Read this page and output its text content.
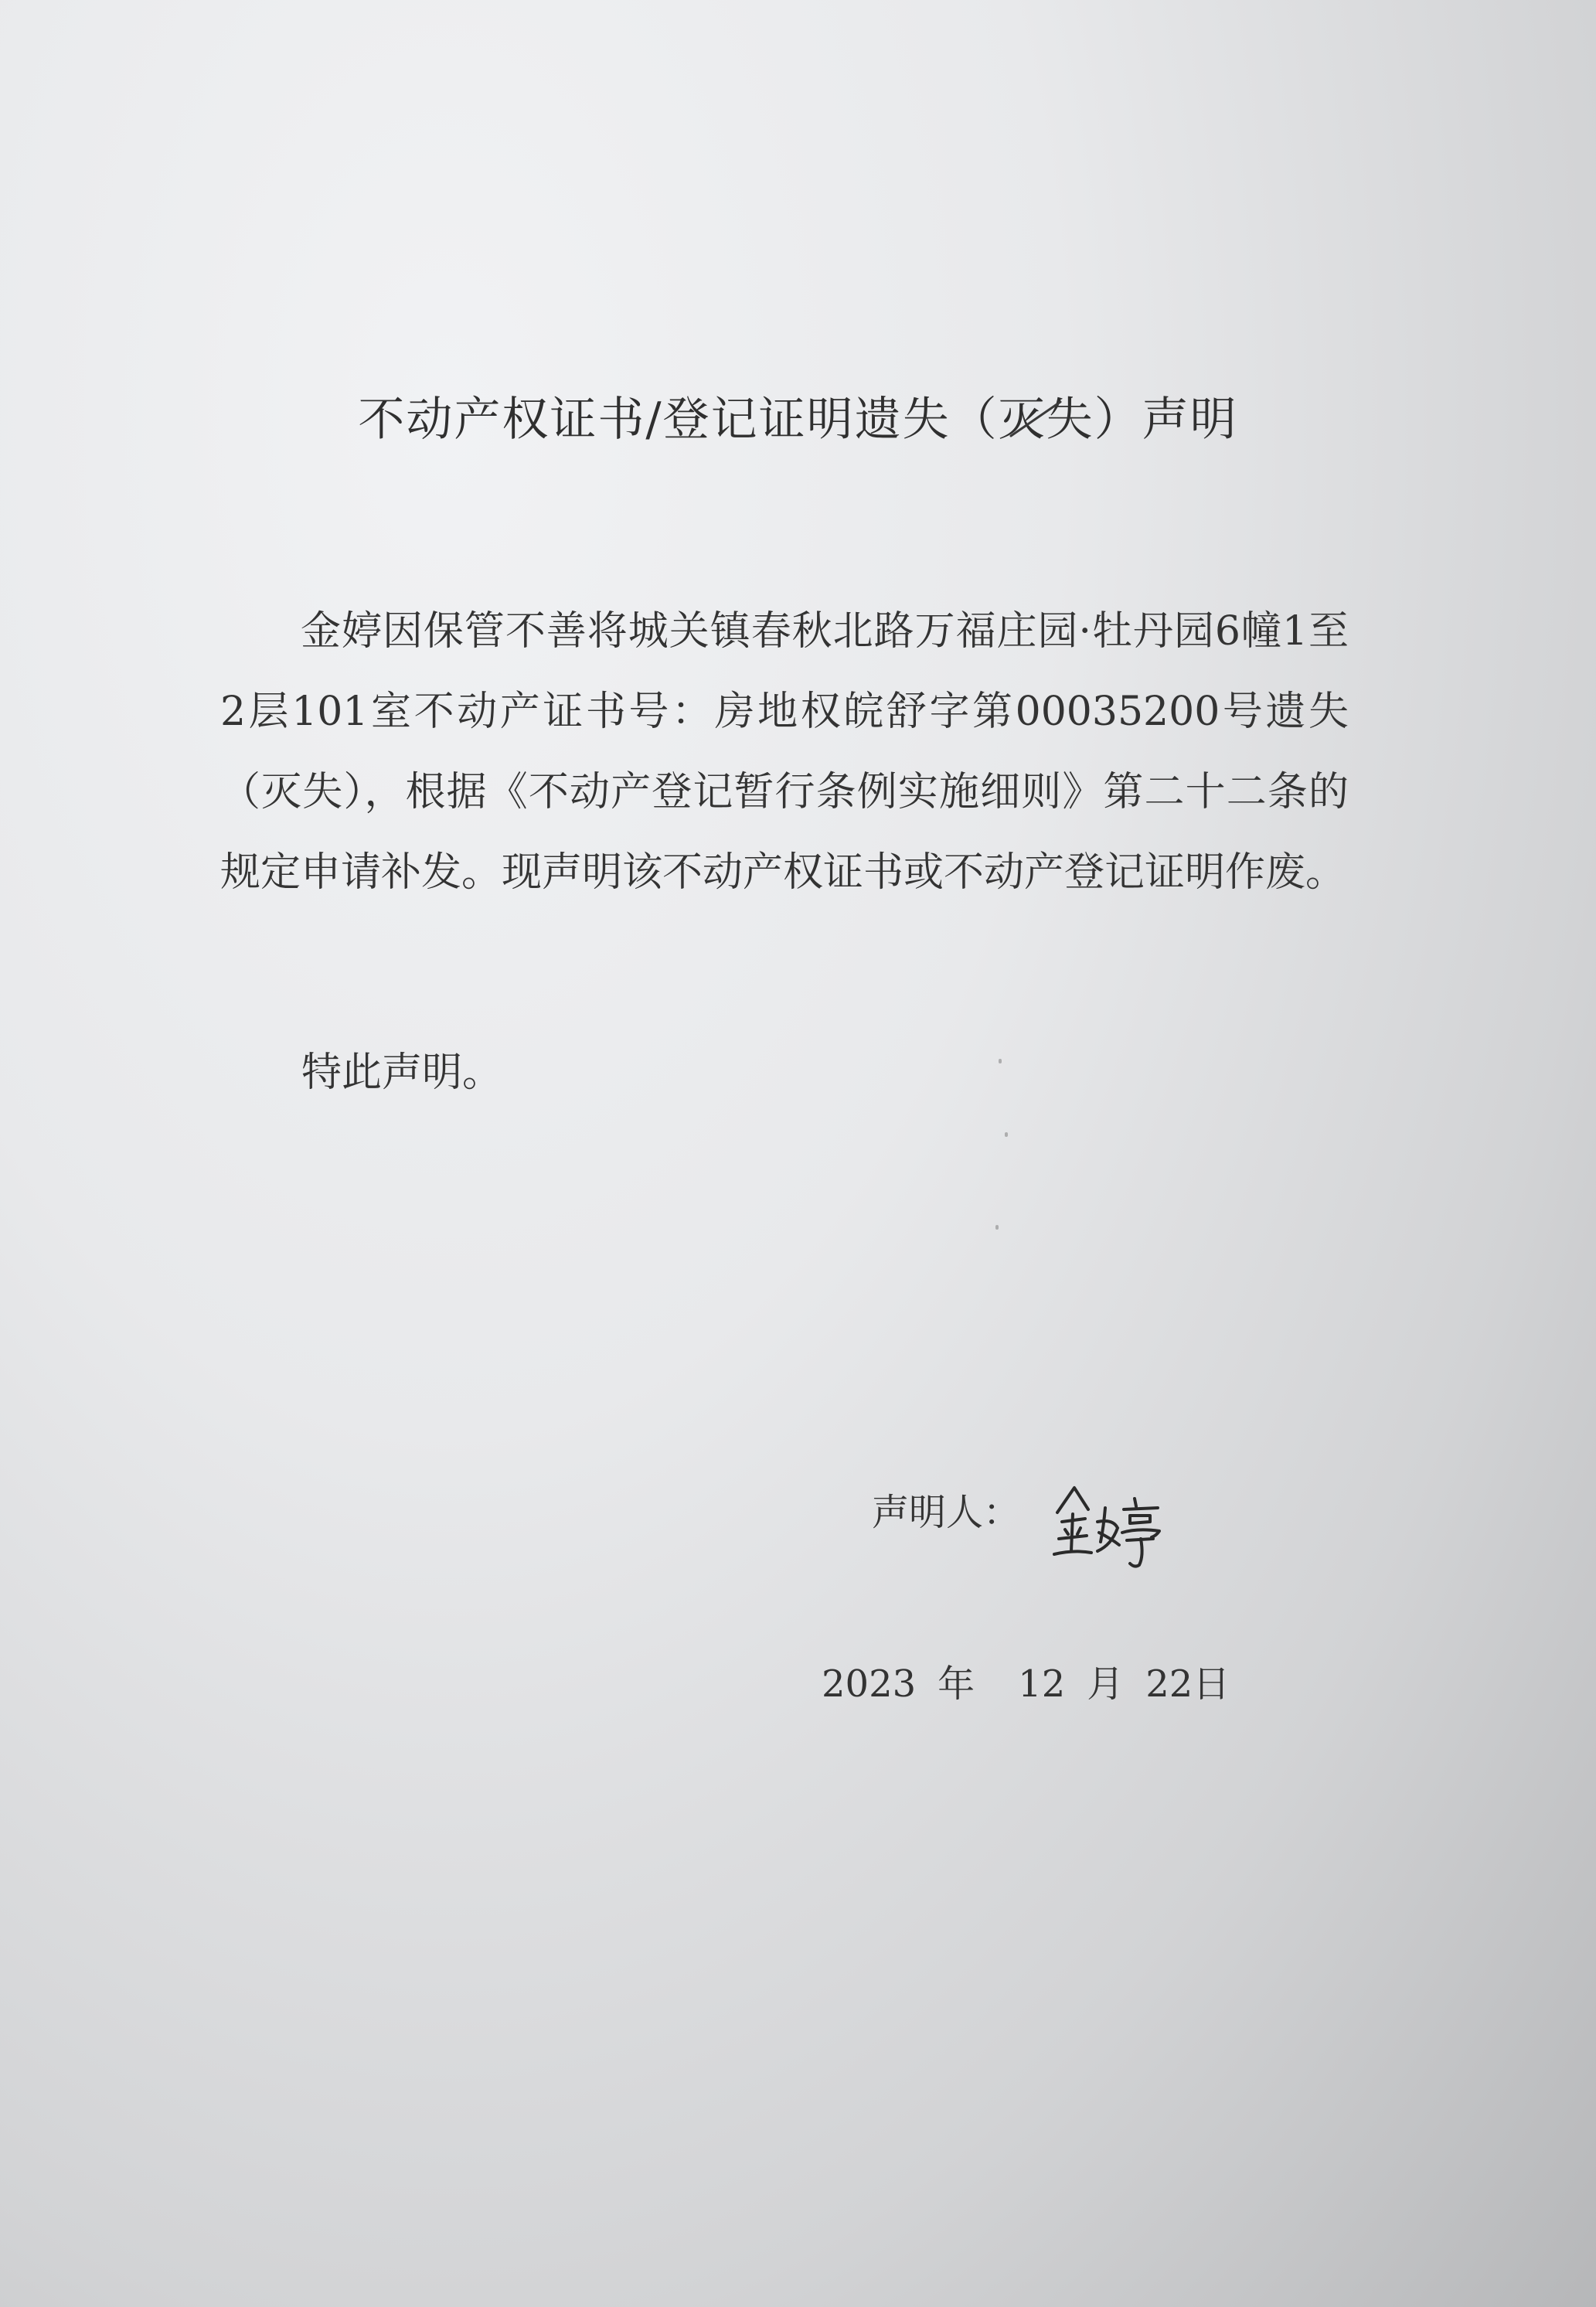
不动产权证书/登记证明遗失（灭失）声明
金婷因保管不善将城关镇春秋北路万福庄园·牡丹园6幢1至2层101室不动产证书号：房地权皖舒字第00035200号遗失（灭失），根据《不动产登记暂行条例实施细则》第二十二条的规定申请补发。现声明该不动产权证书或不动产登记证明作废。
特此声明。
声明人：
2023 年 12 月 22日
